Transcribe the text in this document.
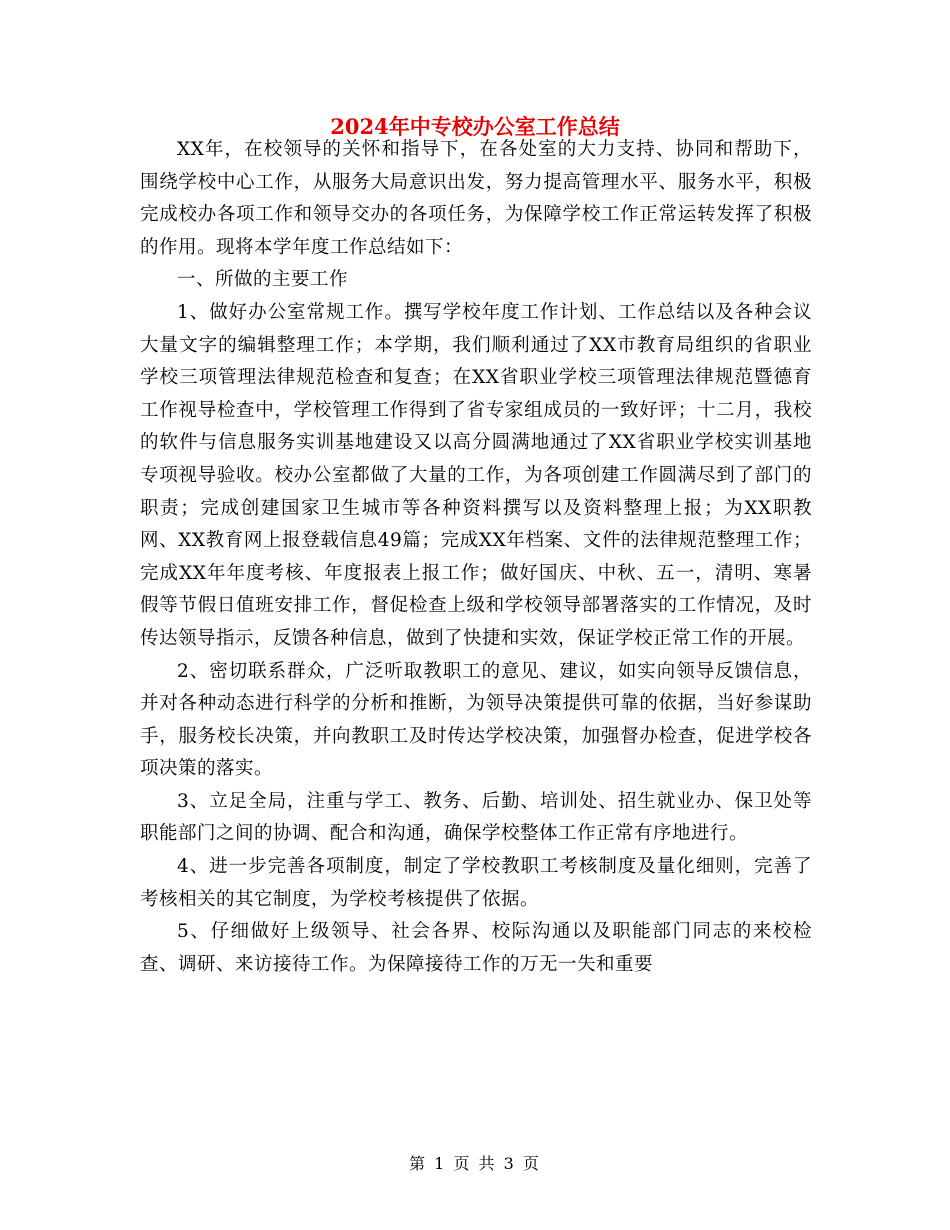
2024年中专校办公室工作总结

XX年，在校领导的关怀和指导下，在各处室的大力支持、协同和帮助下，围绕学校中心工作，从服务大局意识出发，努力提高管理水平、服务水平，积极完成校办各项工作和领导交办的各项任务，为保障学校工作正常运转发挥了积极的作用。现将本学年度工作总结如下：

一、所做的主要工作

1、做好办公室常规工作。撰写学校年度工作计划、工作总结以及各种会议大量文字的编辑整理工作；本学期，我们顺利通过了XX市教育局组织的省职业学校三项管理法律规范检查和复查；在XX省职业学校三项管理法律规范暨德育工作视导检查中，学校管理工作得到了省专家组成员的一致好评；十二月，我校的软件与信息服务实训基地建设又以高分圆满地通过了XX省职业学校实训基地专项视导验收。校办公室都做了大量的工作，为各项创建工作圆满尽到了部门的职责；完成创建国家卫生城市等各种资料撰写以及资料整理上报；为XX职教网、XX教育网上报登载信息49篇；完成XX年档案、文件的法律规范整理工作；完成XX年年度考核、年度报表上报工作；做好国庆、中秋、五一，清明、寒暑假等节假日值班安排工作，督促检查上级和学校领导部署落实的工作情况，及时传达领导指示，反馈各种信息，做到了快捷和实效，保证学校正常工作的开展。

2、密切联系群众，广泛听取教职工的意见、建议，如实向领导反馈信息，并对各种动态进行科学的分析和推断，为领导决策提供可靠的依据，当好参谋助手，服务校长决策，并向教职工及时传达学校决策，加强督办检查，促进学校各项决策的落实。

3、立足全局，注重与学工、教务、后勤、培训处、招生就业办、保卫处等职能部门之间的协调、配合和沟通，确保学校整体工作正常有序地进行。

4、进一步完善各项制度，制定了学校教职工考核制度及量化细则，完善了考核相关的其它制度，为学校考核提供了依据。

5、仔细做好上级领导、社会各界、校际沟通以及职能部门同志的来校检查、调研、来访接待工作。为保障接待工作的万无一失和重要

第 1 页 共 3 页
